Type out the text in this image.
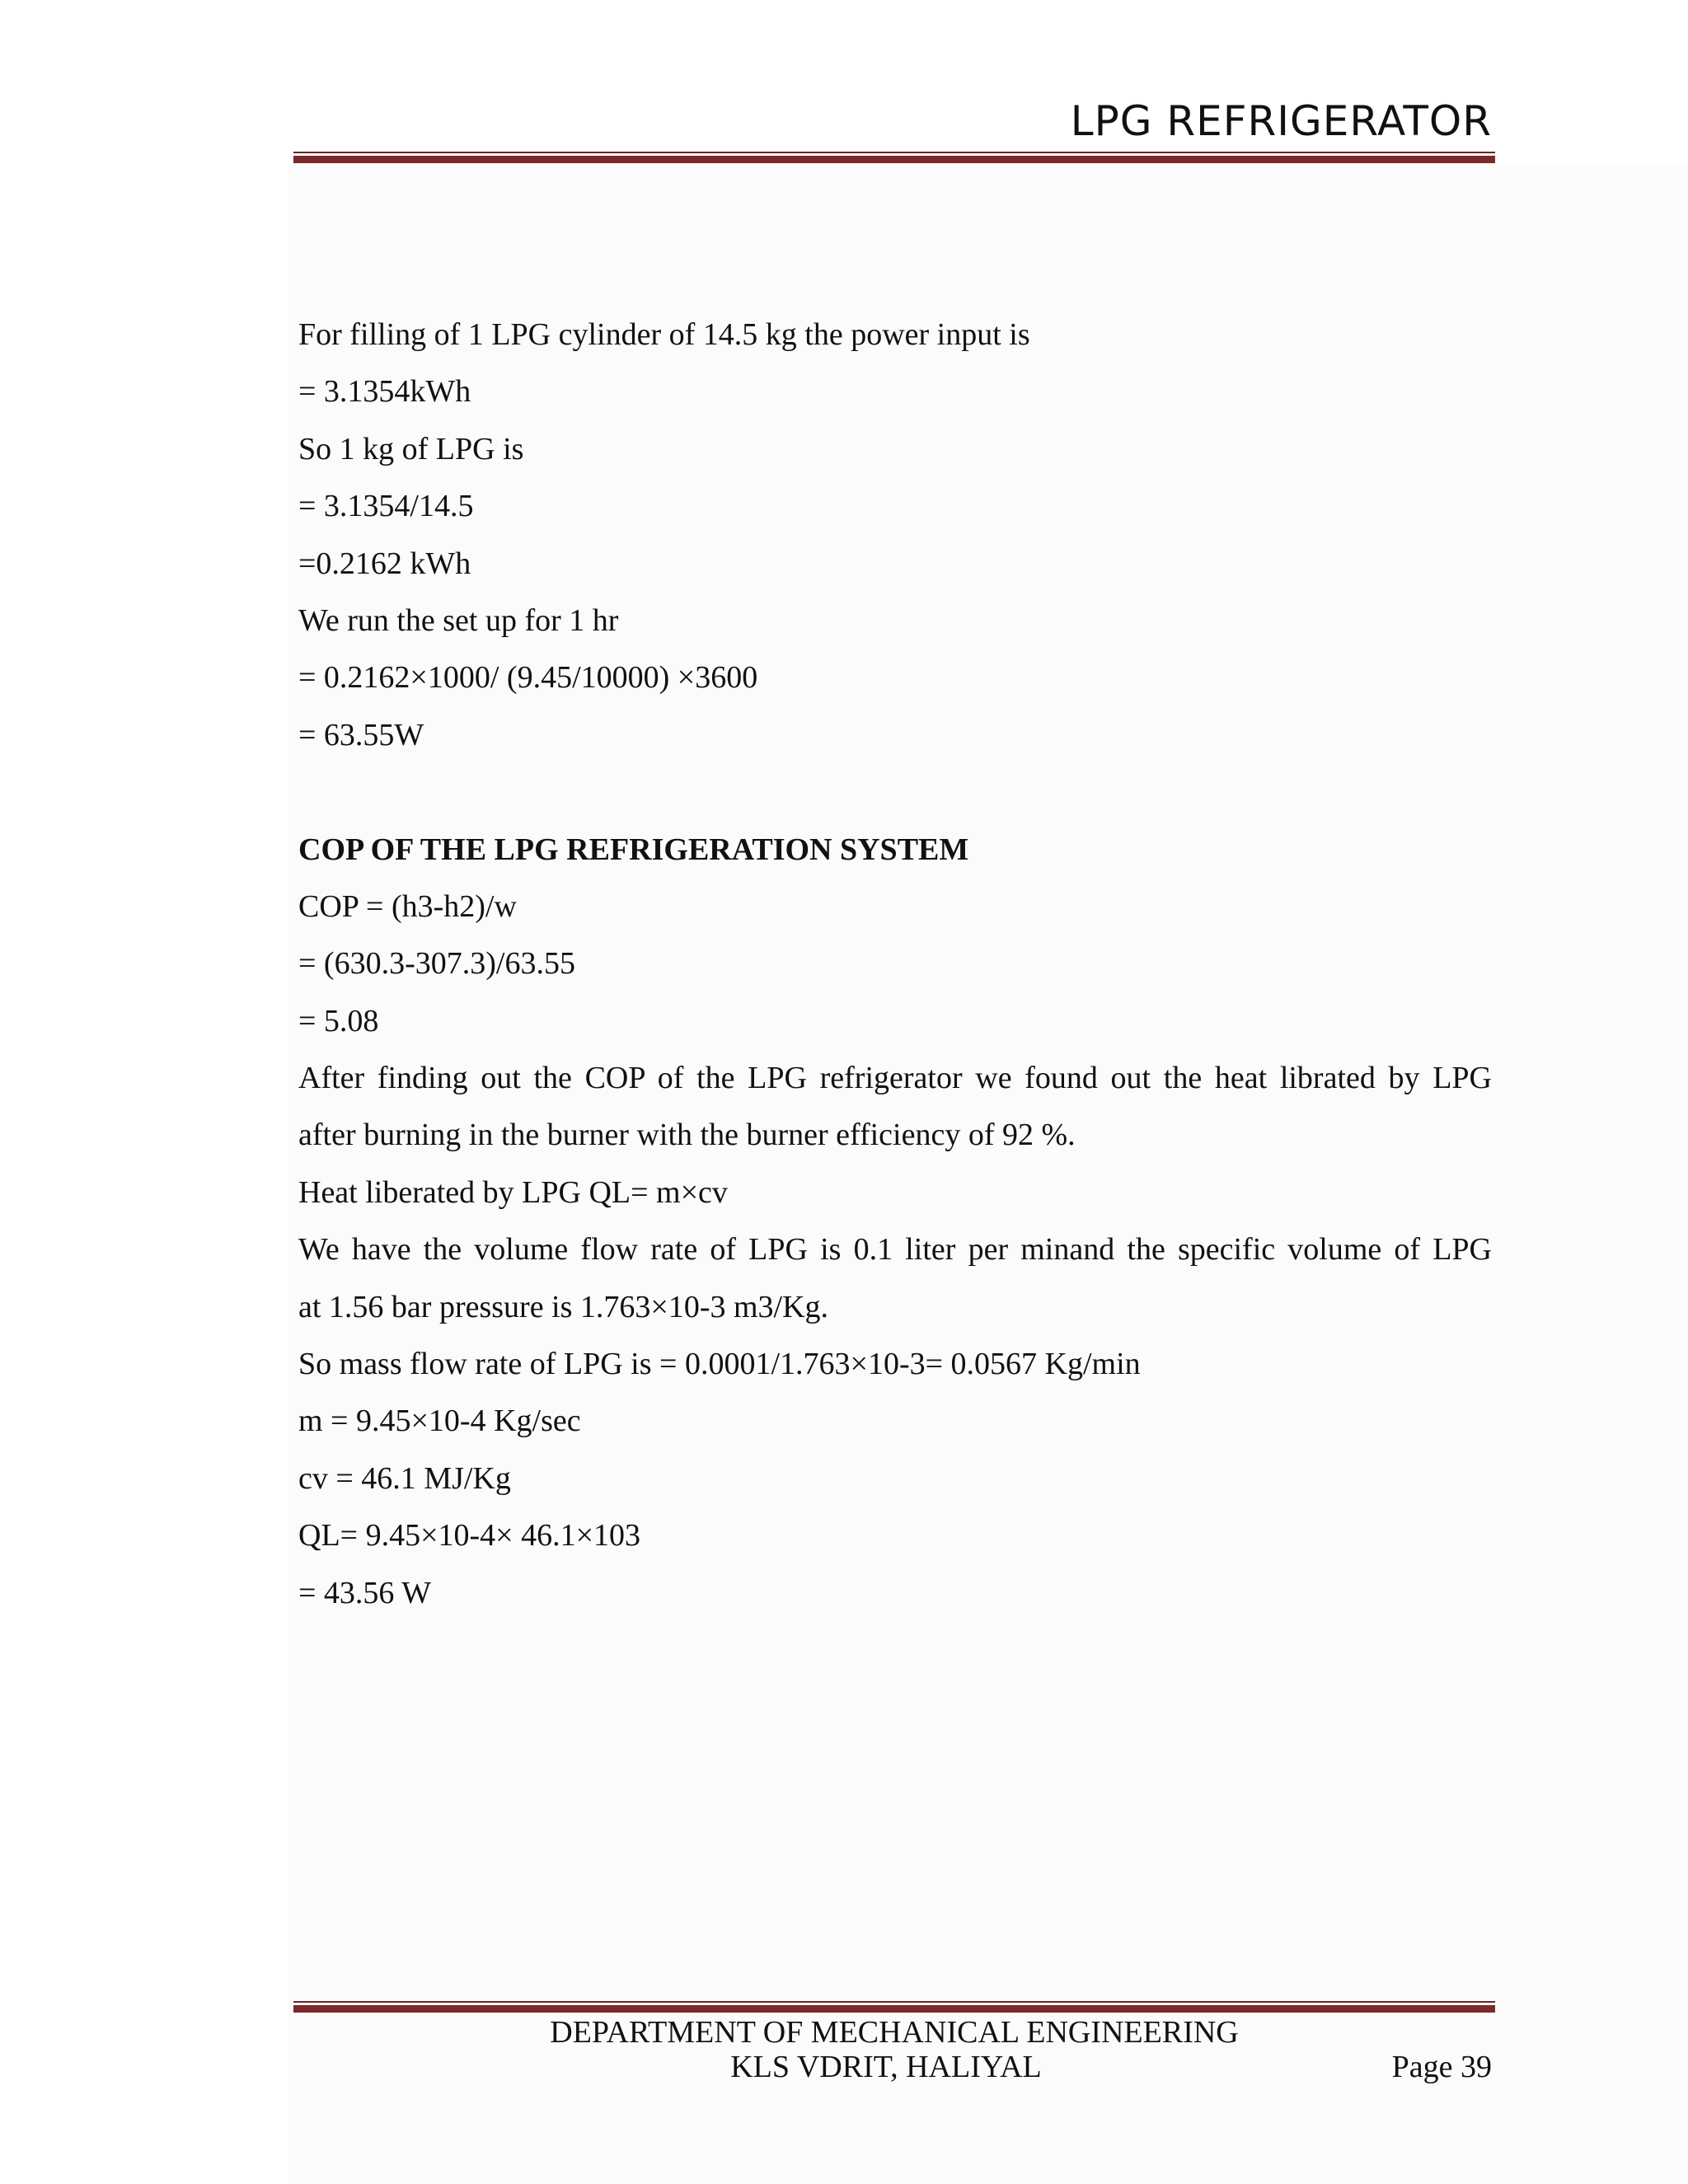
LPG REFRIGERATOR
For filling of 1 LPG cylinder of 14.5 kg the power input is
= 3.1354kWh
So 1 kg of LPG is
= 3.1354/14.5
=0.2162 kWh
We run the set up for 1 hr
= 0.2162×1000/ (9.45/10000) ×3600
= 63.55W
COP OF THE LPG REFRIGERATION SYSTEM
COP = (h3-h2)/w
= (630.3-307.3)/63.55
= 5.08
After finding out the COP of the LPG refrigerator we found out the heat librated by LPG
after burning in the burner with the burner efficiency of 92 %.
Heat liberated by LPG QL= m×cv
We have the volume flow rate of LPG is 0.1 liter per minand the specific volume of LPG
at 1.56 bar pressure is 1.763×10-3 m3/Kg.
So mass flow rate of LPG is = 0.0001/1.763×10-3= 0.0567 Kg/min
m = 9.45×10-4 Kg/sec
cv = 46.1 MJ/Kg
QL= 9.45×10-4× 46.1×103
= 43.56 W
DEPARTMENT OF MECHANICAL ENGINEERING
KLS VDRIT, HALIYAL	Page 39
